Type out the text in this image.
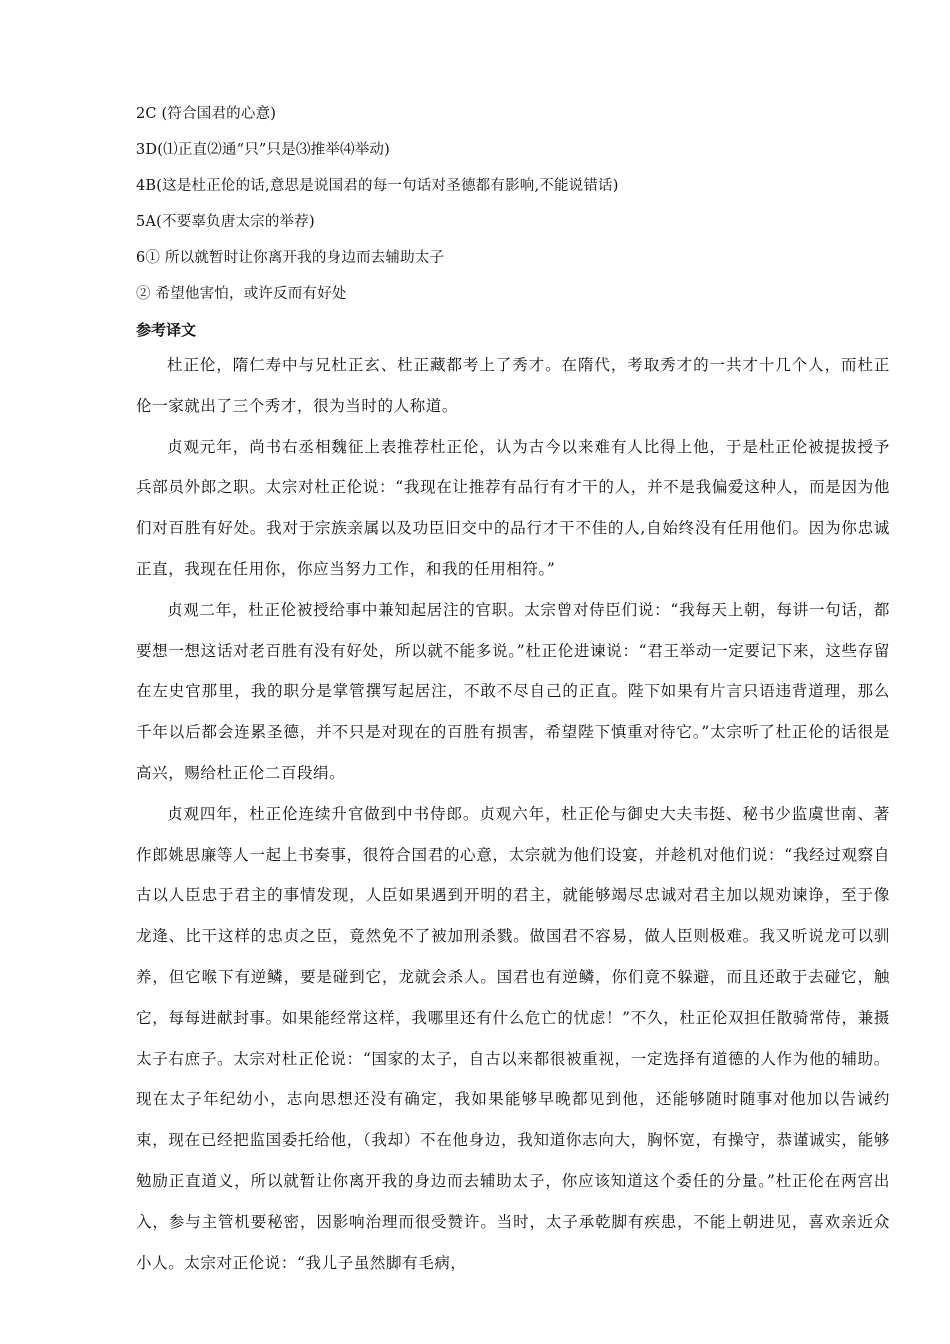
2C (符合国君的心意)
3D(⑴正直⑵通“只”只是⑶推举⑷举动)
4B(这是杜正伦的话,意思是说国君的每一句话对圣德都有影响,不能说错话)
5A(不要辜负唐太宗的举荐)
6① 所以就暂时让你离开我的身边而去辅助太子
② 希望他害怕，或许反而有好处
参考译文

杜正伦，隋仁寿中与兄杜正玄、杜正藏都考上了秀才。在隋代，考取秀才的一共才十几个人，而杜正伦一家就出了三个秀才，很为当时的人称道。

贞观元年，尚书右丞相魏征上表推荐杜正伦，认为古今以来难有人比得上他，于是杜正伦被提拔授予兵部员外郎之职。太宗对杜正伦说：“我现在让推荐有品行有才干的人，并不是我偏爱这种人，而是因为他们对百胜有好处。我对于宗族亲属以及功臣旧交中的品行才干不佳的人,自始终没有任用他们。因为你忠诚正直，我现在任用你，你应当努力工作，和我的任用相符。”

贞观二年，杜正伦被授给事中兼知起居注的官职。太宗曾对侍臣们说：“我每天上朝，每讲一句话，都要想一想这话对老百胜有没有好处，所以就不能多说。”杜正伦进谏说：“君王举动一定要记下来，这些存留在左史官那里，我的职分是掌管撰写起居注，不敢不尽自己的正直。陛下如果有片言只语违背道理，那么千年以后都会连累圣德，并不只是对现在的百胜有损害，希望陛下慎重对待它。”太宗听了杜正伦的话很是高兴，赐给杜正伦二百段绢。

贞观四年，杜正伦连续升官做到中书侍郎。贞观六年，杜正伦与御史大夫韦挺、秘书少监虞世南、著作郎姚思廉等人一起上书奏事，很符合国君的心意，太宗就为他们设宴，并趁机对他们说：“我经过观察自古以人臣忠于君主的事情发现，人臣如果遇到开明的君主，就能够竭尽忠诚对君主加以规劝谏诤，至于像龙逄、比干这样的忠贞之臣，竟然免不了被加刑杀戮。做国君不容易，做人臣则极难。我又听说龙可以驯养，但它喉下有逆鳞，要是碰到它，龙就会杀人。国君也有逆鳞，你们竟不躲避，而且还敢于去碰它，触它，每每进献封事。如果能经常这样，我哪里还有什么危亡的忧虑！”不久，杜正伦双担任散骑常侍，兼摄太子右庶子。太宗对杜正伦说：“国家的太子，自古以来都很被重视，一定选择有道德的人作为他的辅助。现在太子年纪幼小，志向思想还没有确定，我如果能够早晚都见到他，还能够随时随事对他加以告诫约束，现在已经把监国委托给他，（我却）不在他身边，我知道你志向大，胸怀宽，有操守，恭谨诚实，能够勉励正直道义，所以就暂让你离开我的身边而去辅助太子，你应该知道这个委任的分量。”杜正伦在两宫出入，参与主管机要秘密，因影响治理而很受赞许。当时，太子承乾脚有疾患，不能上朝进见，喜欢亲近众小人。太宗对正伦说：“我儿子虽然脚有毛病，
